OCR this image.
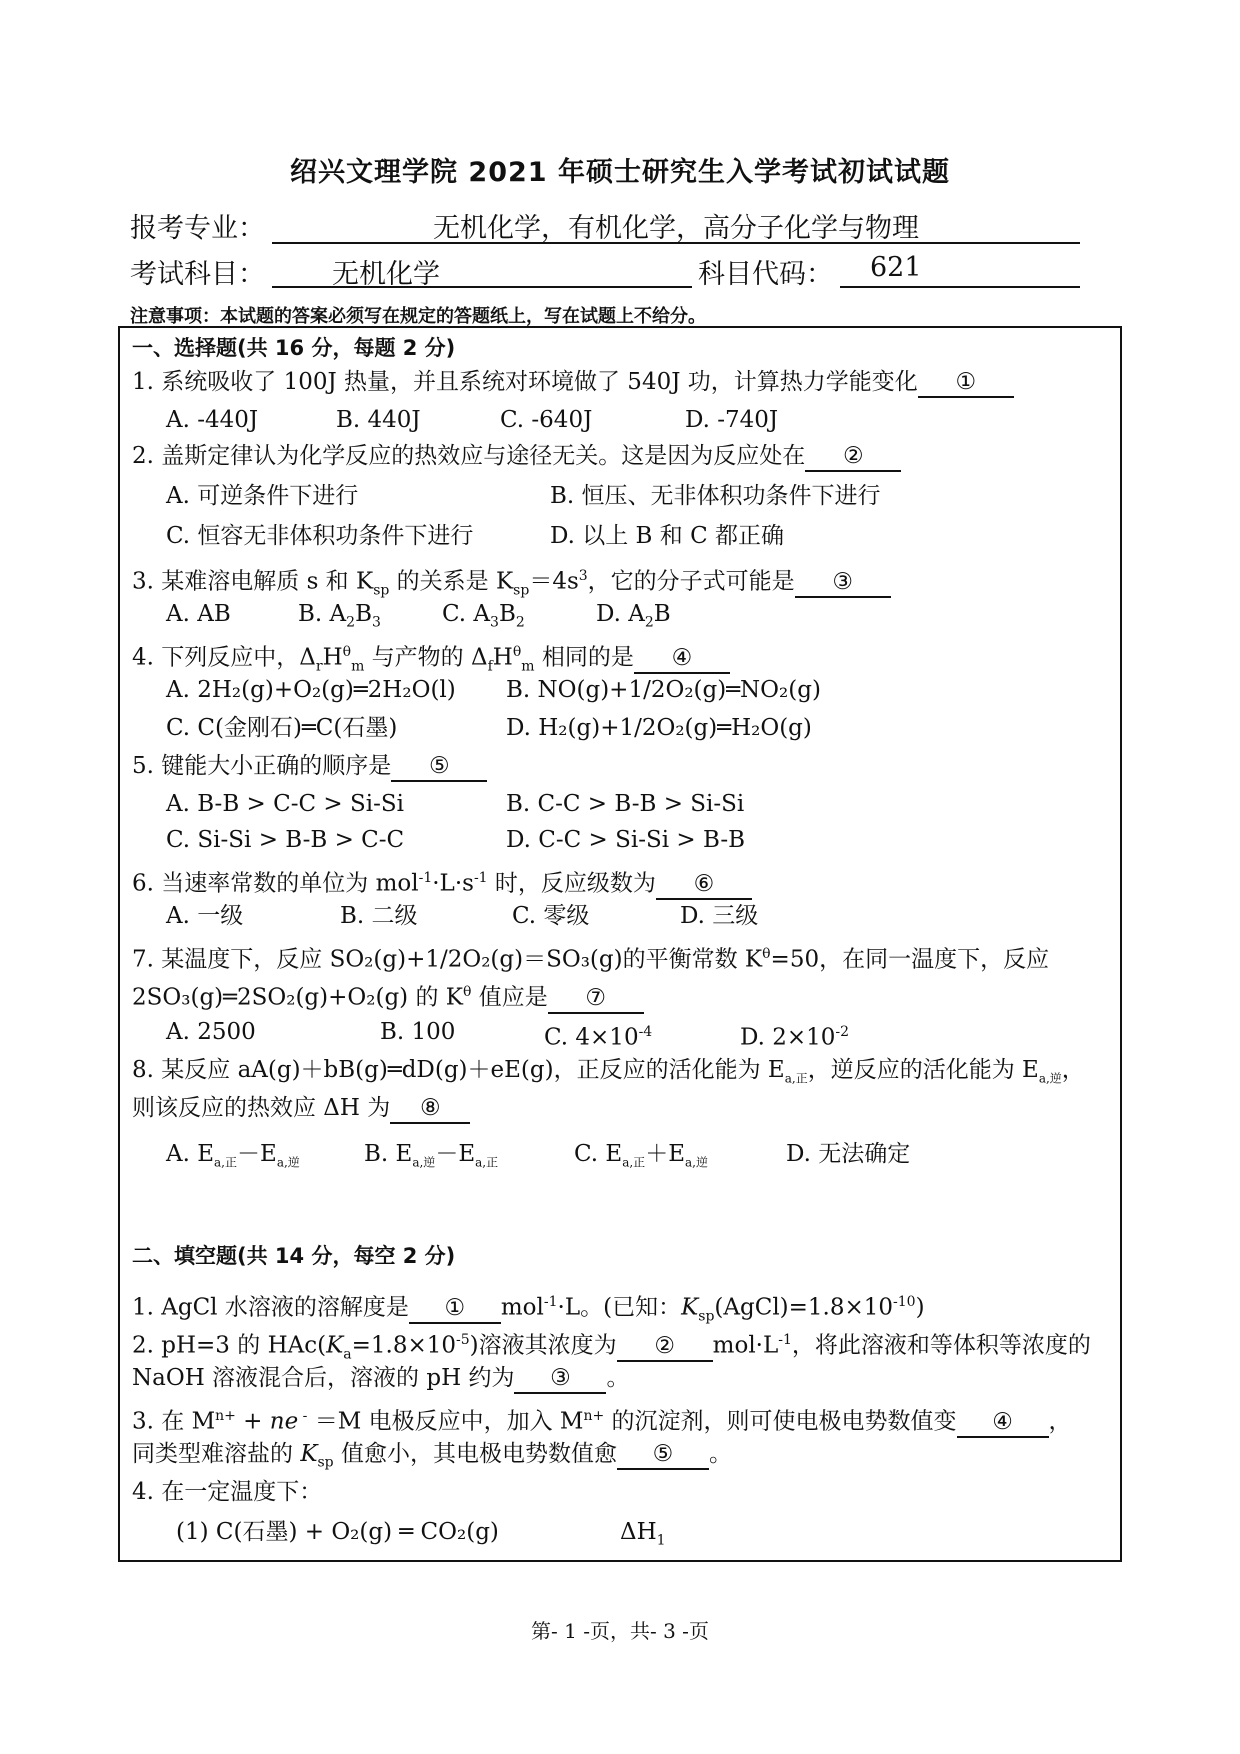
绍兴文理学院 2021 年硕士研究生入学考试初试试题
报考专业：	无机化学，有机化学，高分子化学与物理
考试科目：	无机化学	科目代码：	621
注意事项：本试题的答案必须写在规定的答题纸上，写在试题上不给分。
一、选择题(共 16 分，每题 2 分)
1. 系统吸收了 100J 热量，并且系统对环境做了 540J 功，计算热力学能变化 ①
A. -440J	B. 440J	C. -640J	D. -740J
2. 盖斯定律认为化学反应的热效应与途径无关。这是因为反应处在 ②
A. 可逆条件下进行	B. 恒压、无非体积功条件下进行
C. 恒容无非体积功条件下进行	D. 以上 B 和 C 都正确
3. 某难溶电解质 s 和 $K_{sp}$ 的关系是 $K_{sp}=4s^3$，它的分子式可能是 ③
A. AB	B. $A_2B_3$	C. $A_3B_2$	D. $A_2B$
4. 下列反应中，$\Delta_rH^\theta_m$ 与产物的 $\Delta_fH^\theta_m$ 相同的是 ④
A. 2H₂(g)+O₂(g)═2H₂O(l) B. NO(g)+1/2O₂(g)═NO₂(g)
C. C(金刚石)═C(石墨)	D. H₂(g)+1/2O₂(g)═H₂O(g)
5. 键能大小正确的顺序是 ⑤
A. B-B > C-C > Si-Si	B. C-C > B-B > Si-Si
C. Si-Si > B-B > C-C	D. C-C > Si-Si > B-B
6. 当速率常数的单位为 $mol^{-1}\cdot L\cdot s^{-1}$ 时，反应级数为 ⑥
A. 一级	B. 二级	C. 零级	D. 三级
7. 某温度下，反应 SO₂(g)+1/2O₂(g)＝SO₃(g)的平衡常数 $K^\theta=50$，在同一温度下，反应
2SO₃(g)═2SO₂(g)+O₂(g) 的 $K^\theta$ 值应是 ⑦
A. 2500	B. 100	C. $4\times 10^{-4}$	D. $2\times 10^{-2}$
8. 某反应 aA(g)＋bB(g)═dD(g)＋eE(g)，正反应的活化能为 $E_{a,正}$，逆反应的活化能为 $E_{a,逆}$，
则该反应的热效应 ΔH 为 ⑧
A. $E_{a,正}-E_{a,逆}$	B. $E_{a,逆}-E_{a,正}$	C. $E_{a,正}+E_{a,逆}$	D. 无法确定
二、填空题(共 14 分，每空 2 分)
1. AgCl 水溶液的溶解度是 ① mol$^{-1}$·L。(已知：$K_{sp}(AgCl)=1.8\times 10^{-10}$)
2. pH=3 的 $HAc(K_a=1.8\times 10^{-5})$溶液其浓度为 ② $mol\cdot L^{-1}$，将此溶液和等体积等浓度的
NaOH 溶液混合后，溶液的 pH 约为 ③ 。
3. 在 $M^{n+}$ + ne - ＝M 电极反应中，加入 $M^{n+}$ 的沉淀剂，则可使电极电势数值变 ④ ，
同类型难溶盐的 $K_{sp}$ 值愈小，其电极电势数值愈 ⑤ 。
4. 在一定温度下：
(1) C(石墨) + O₂(g) ═ CO₂(g)	$\Delta H_1$
第- 1 -页，共- 3 -页
